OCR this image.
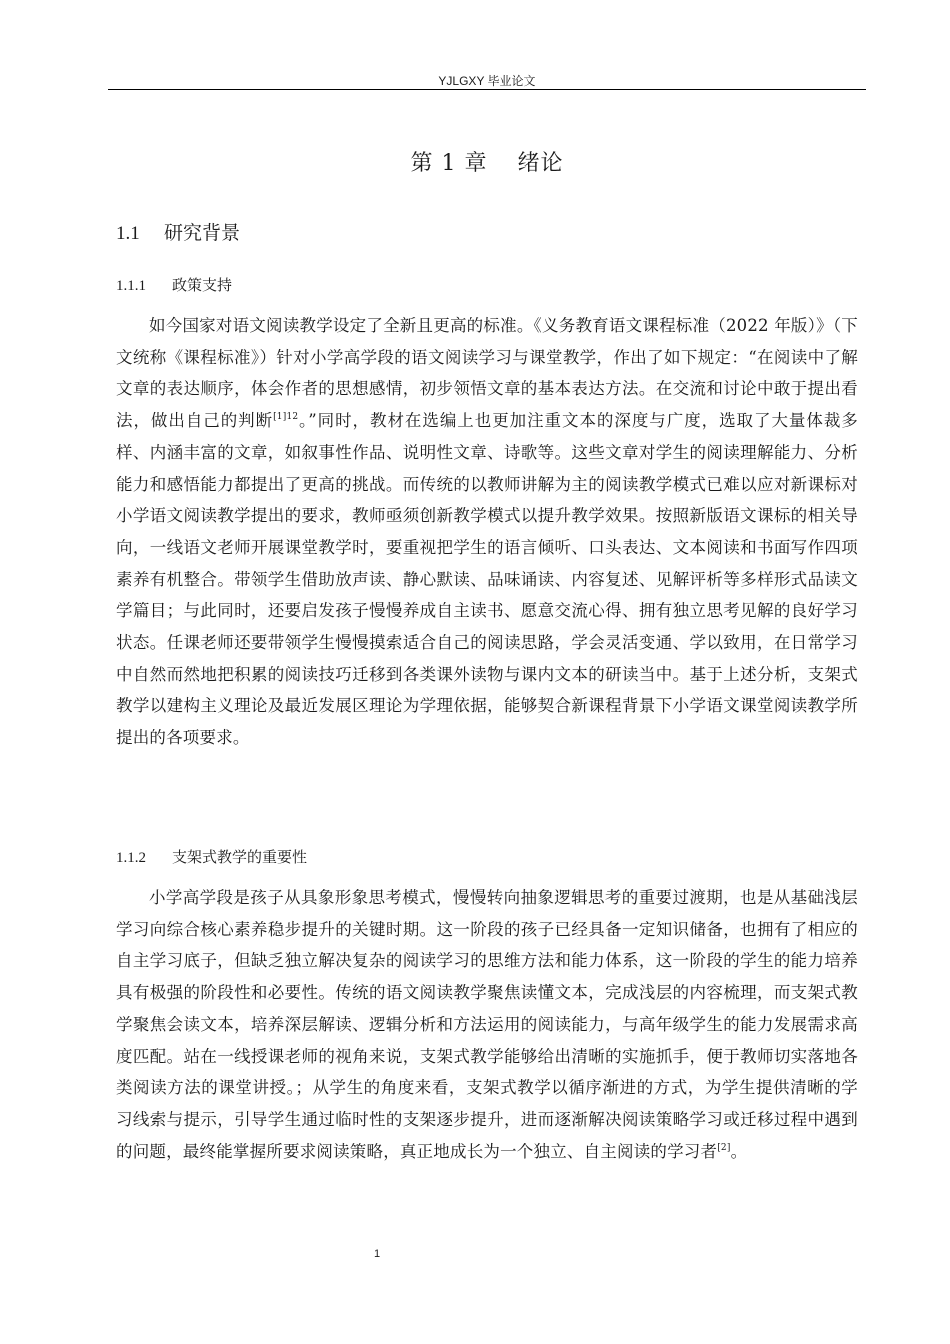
YJLGXY 毕业论文
第 1 章 绪论
1.1 研究背景
1.1.1 政策支持

如今国家对语文阅读教学设定了全新且更高的标准。《义务教育语文课程标准（2022 年版）》（下文统称《课程标准》）针对小学高学段的语文阅读学习与课堂教学，作出了如下规定：“在阅读中了解文章的表达顺序，体会作者的思想感情，初步领悟文章的基本表达方法。在交流和讨论中敢于提出看法，做出自己的判断$^{[1]12}$。”同时，教材在选编上也更加注重文本的深度与广度，选取了大量体裁多样、内涵丰富的文章，如叙事性作品、说明性文章、诗歌等。这些文章对学生的阅读理解能力、分析能力和感悟能力都提出了更高的挑战。而传统的以教师讲解为主的阅读教学模式已难以应对新课标对小学语文阅读教学提出的要求，教师亟须创新教学模式以提升教学效果。按照新版语文课标的相关导向，一线语文老师开展课堂教学时，要重视把学生的语言倾听、口头表达、文本阅读和书面写作四项素养有机整合。带领学生借助放声读、静心默读、品味诵读、内容复述、见解评析等多样形式品读文学篇目；与此同时，还要启发孩子慢慢养成自主读书、愿意交流心得、拥有独立思考见解的良好学习状态。任课老师还要带领学生慢慢摸索适合自己的阅读思路，学会灵活变通、学以致用，在日常学习中自然而然地把积累的阅读技巧迁移到各类课外读物与课内文本的研读当中。基于上述分析，支架式教学以建构主义理论及最近发展区理论为学理依据，能够契合新课程背景下小学语文课堂阅读教学所提出的各项要求。

1.1.2 支架式教学的重要性

小学高学段是孩子从具象形象思考模式，慢慢转向抽象逻辑思考的重要过渡期，也是从基础浅层学习向综合核心素养稳步提升的关键时期。这一阶段的孩子已经具备一定知识储备，也拥有了相应的自主学习底子，但缺乏独立解决复杂的阅读学习的思维方法和能力体系，这一阶段的学生的能力培养具有极强的阶段性和必要性。传统的语文阅读教学聚焦读懂文本，完成浅层的内容梳理，而支架式教学聚焦会读文本，培养深层解读、逻辑分析和方法运用的阅读能力，与高年级学生的能力发展需求高度匹配。站在一线授课老师的视角来说，支架式教学能够给出清晰的实施抓手，便于教师切实落地各类阅读方法的课堂讲授。；从学生的角度来看，支架式教学以循序渐进的方式，为学生提供清晰的学习线索与提示，引导学生通过临时性的支架逐步提升，进而逐渐解决阅读策略学习或迁移过程中遇到的问题，最终能掌握所要求阅读策略，真正地成长为一个独立、自主阅读的学习者[2]。

1
